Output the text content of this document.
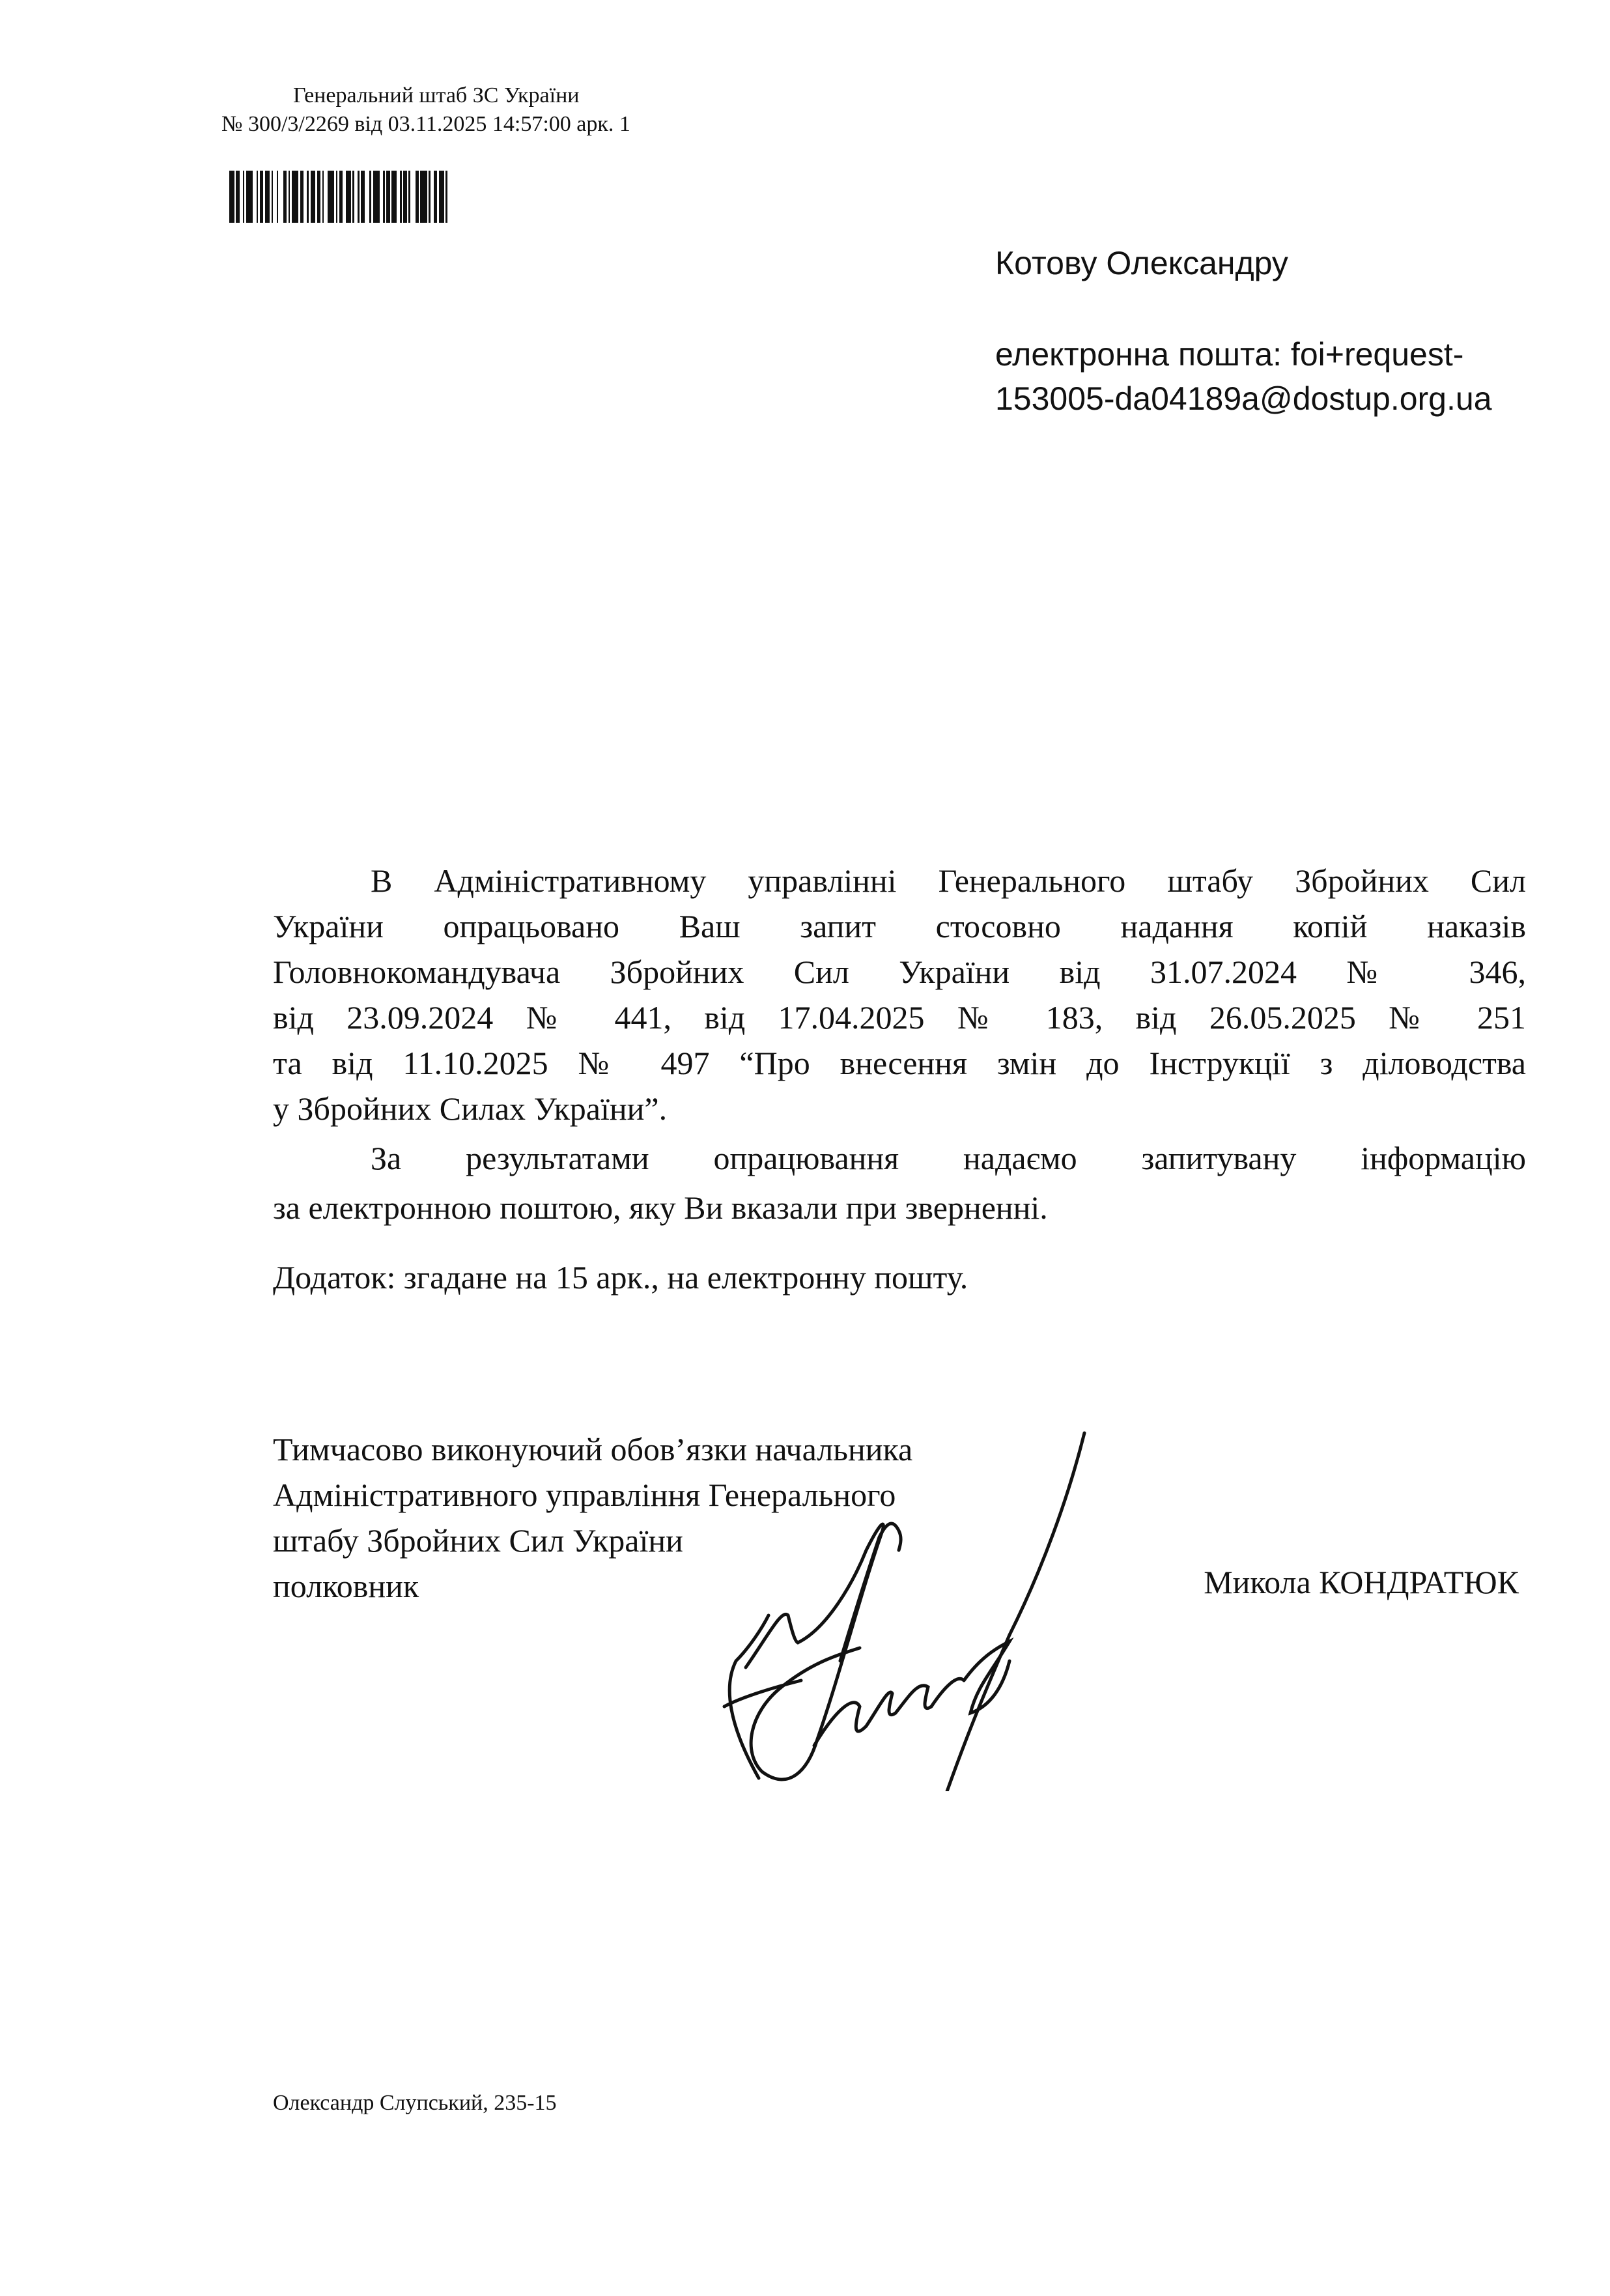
Генеральний штаб ЗС України
№ 300/3/2269 від 03.11.2025 14:57:00 арк. 1
Котову Олександру
електронна пошта: foi+request-
153005-da04189a@dostup.org.ua
В Адміністративному управлінні Генерального штабу Збройних Сил
України опрацьовано Ваш запит стосовно надання копій наказів
Головнокомандувача Збройних Сил України від 31.07.2024 № 346,
від 23.09.2024 № 441, від 17.04.2025 № 183, від 26.05.2025 № 251
та від 11.10.2025 № 497 “Про внесення змін до Інструкції з діловодства
у Збройних Силах України”.
За результатами опрацювання надаємо запитувану інформацію
за електронною поштою, яку Ви вказали при зверненні.
Додаток: згадане на 15 арк., на електронну пошту.
Тимчасово виконуючий обов’язки начальника
Адміністративного управління Генерального
штабу Збройних Сил України
полковник	Микола КОНДРАТЮК
Олександр Слупський, 235-15
